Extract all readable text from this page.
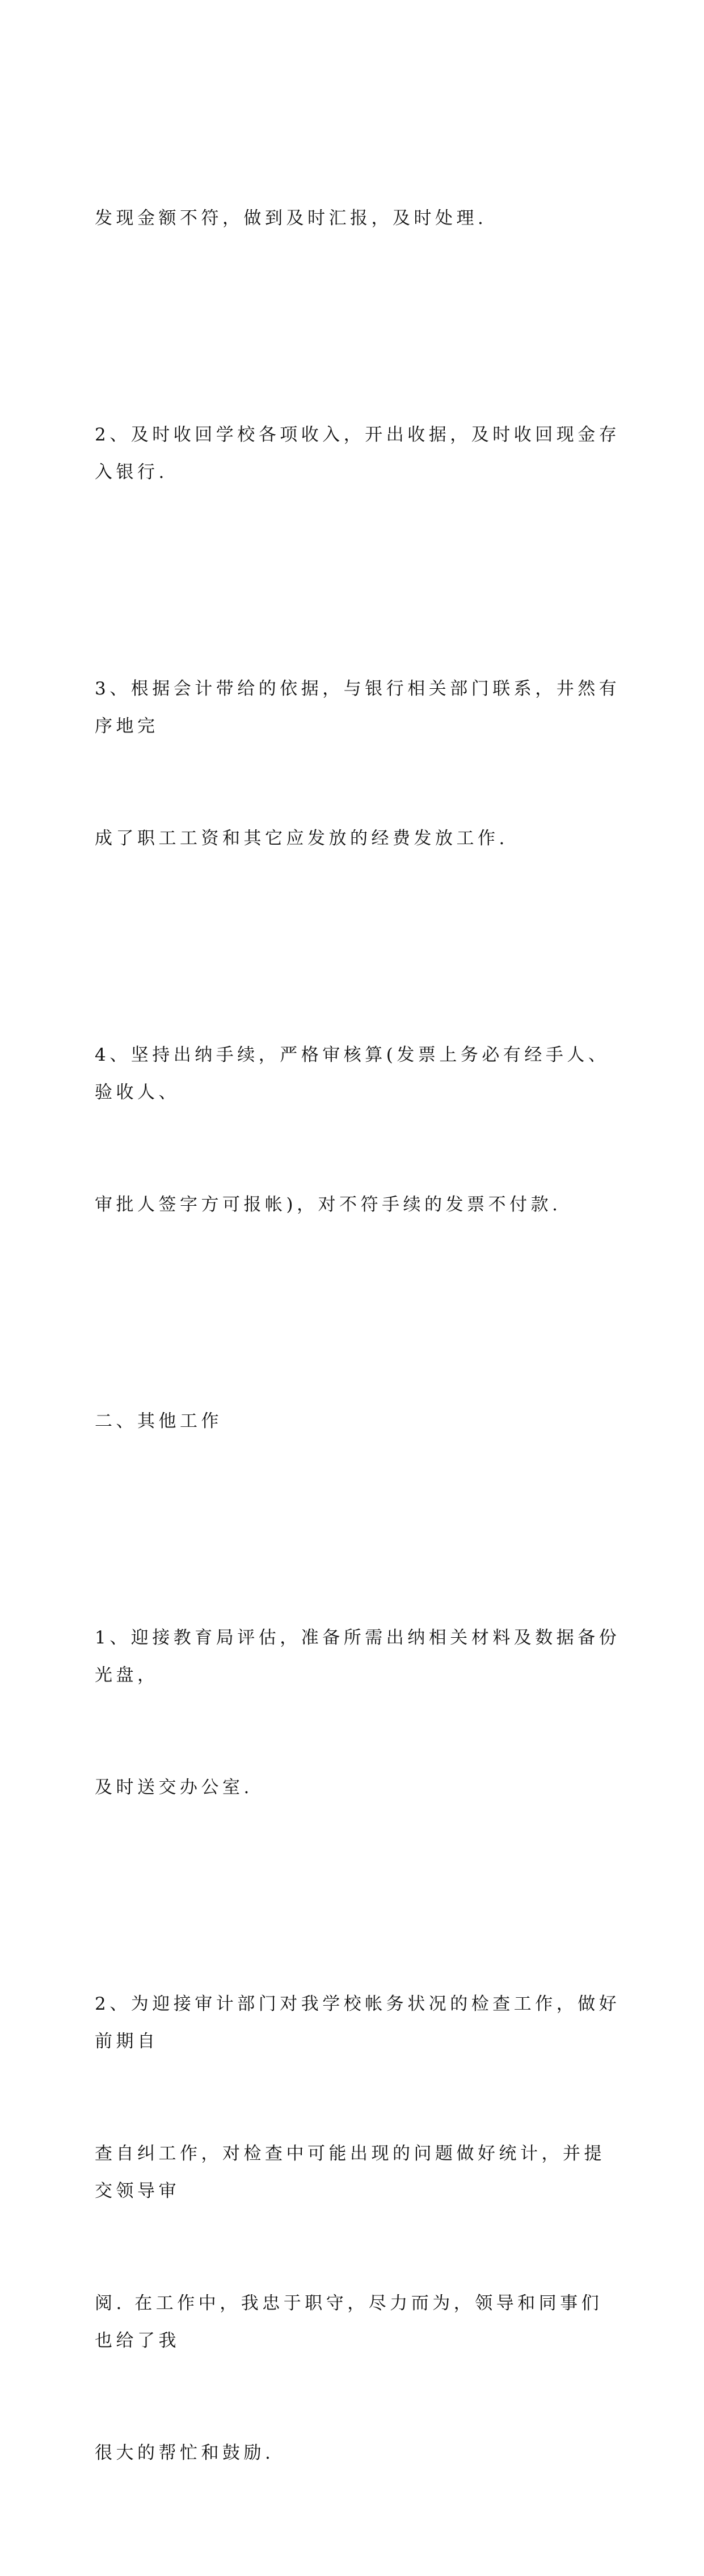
发现金额不符，做到及时汇报，及时处理.

2、及时收回学校各项收入，开出收据，及时收回现金存入银行.

3、根据会计带给的依据，与银行相关部门联系，井然有序地完

成了职工工资和其它应发放的经费发放工作.

4、坚持出纳手续，严格审核算(发票上务必有经手人、验收人、

审批人签字方可报帐)，对不符手续的发票不付款.

二、其他工作

1、迎接教育局评估，准备所需出纳相关材料及数据备份光盘，

及时送交办公室.

2、为迎接审计部门对我学校帐务状况的检查工作，做好前期自

查自纠工作，对检查中可能出现的问题做好统计，并提交领导审

阅. 在工作中，我忠于职守，尽力而为，领导和同事们也给了我

很大的帮忙和鼓励.
